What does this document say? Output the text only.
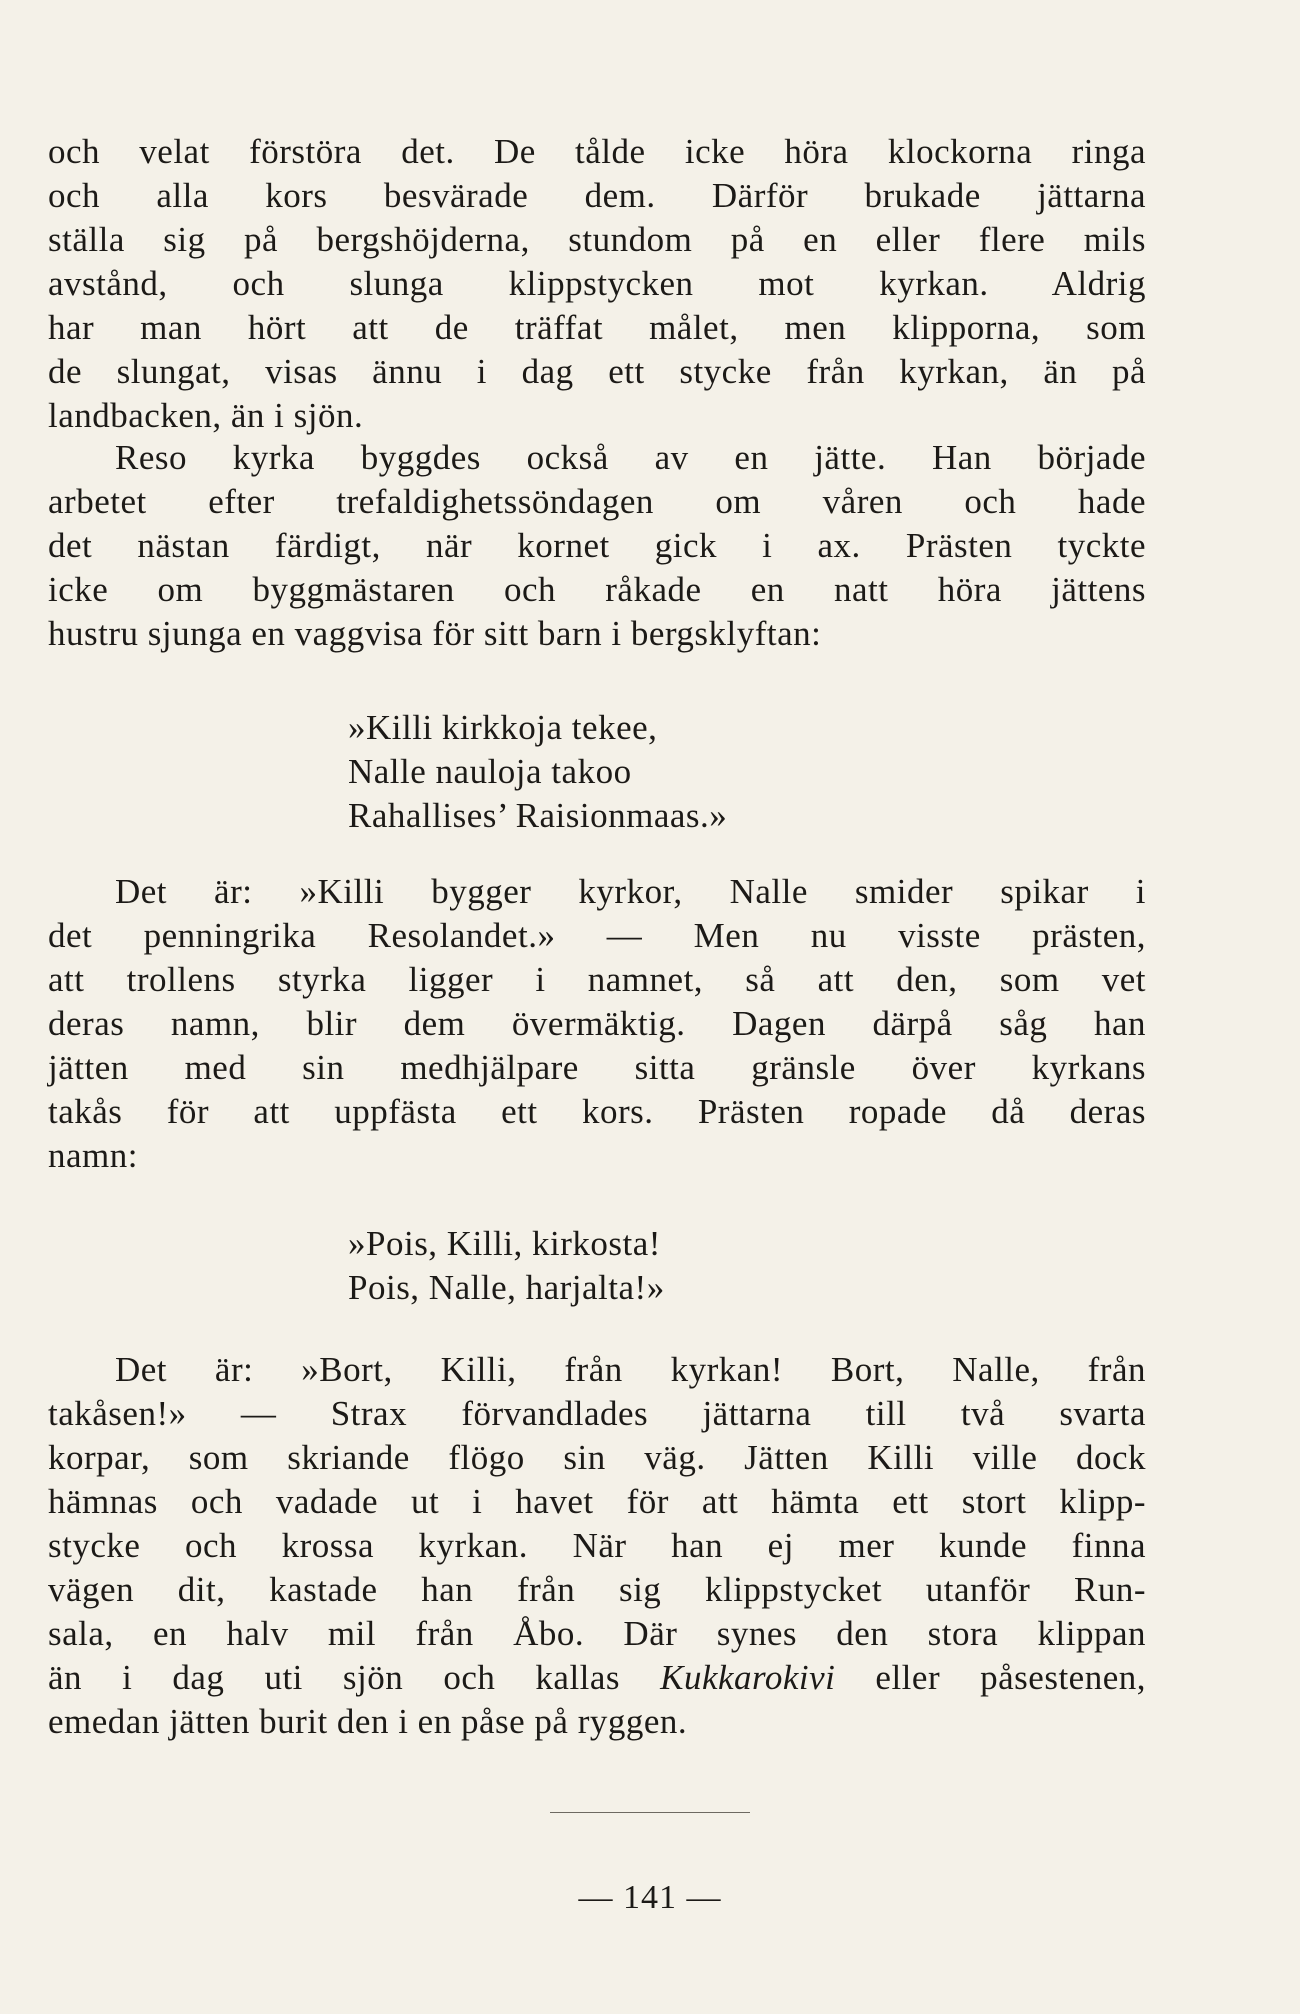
och velat förstöra det. De tålde icke höra klockorna ringa
och alla kors besvärade dem. Därför brukade jättarna
ställa sig på bergshöjderna, stundom på en eller flere mils
avstånd, och slunga klippstycken mot kyrkan. Aldrig
har man hört att de träffat målet, men klipporna, som
de slungat, visas ännu i dag ett stycke från kyrkan, än på
landbacken, än i sjön.
Reso kyrka byggdes också av en jätte. Han började
arbetet efter trefaldighetssöndagen om våren och hade
det nästan färdigt, när kornet gick i ax. Prästen tyckte
icke om byggmästaren och råkade en natt höra jättens
hustru sjunga en vaggvisa för sitt barn i bergsklyftan:
»Killi kirkkoja tekee,
Nalle nauloja takoo
Rahallises’ Raisionmaas.»
Det är: »Killi bygger kyrkor, Nalle smider spikar i
det penningrika Resolandet.» — Men nu visste prästen,
att trollens styrka ligger i namnet, så att den, som vet
deras namn, blir dem övermäktig. Dagen därpå såg han
jätten med sin medhjälpare sitta gränsle över kyrkans
takås för att uppfästa ett kors. Prästen ropade då deras
namn:
»Pois, Killi, kirkosta!
Pois, Nalle, harjalta!»
Det är: »Bort, Killi, från kyrkan! Bort, Nalle, från
takåsen!» — Strax förvandlades jättarna till två svarta
korpar, som skriande flögo sin väg. Jätten Killi ville dock
hämnas och vadade ut i havet för att hämta ett stort klipp-
stycke och krossa kyrkan. När han ej mer kunde finna
vägen dit, kastade han från sig klippstycket utanför Run-
sala, en halv mil från Åbo. Där synes den stora klippan
än i dag uti sjön och kallas Kukkarokivi eller påsestenen,
emedan jätten burit den i en påse på ryggen.
— 141 —
